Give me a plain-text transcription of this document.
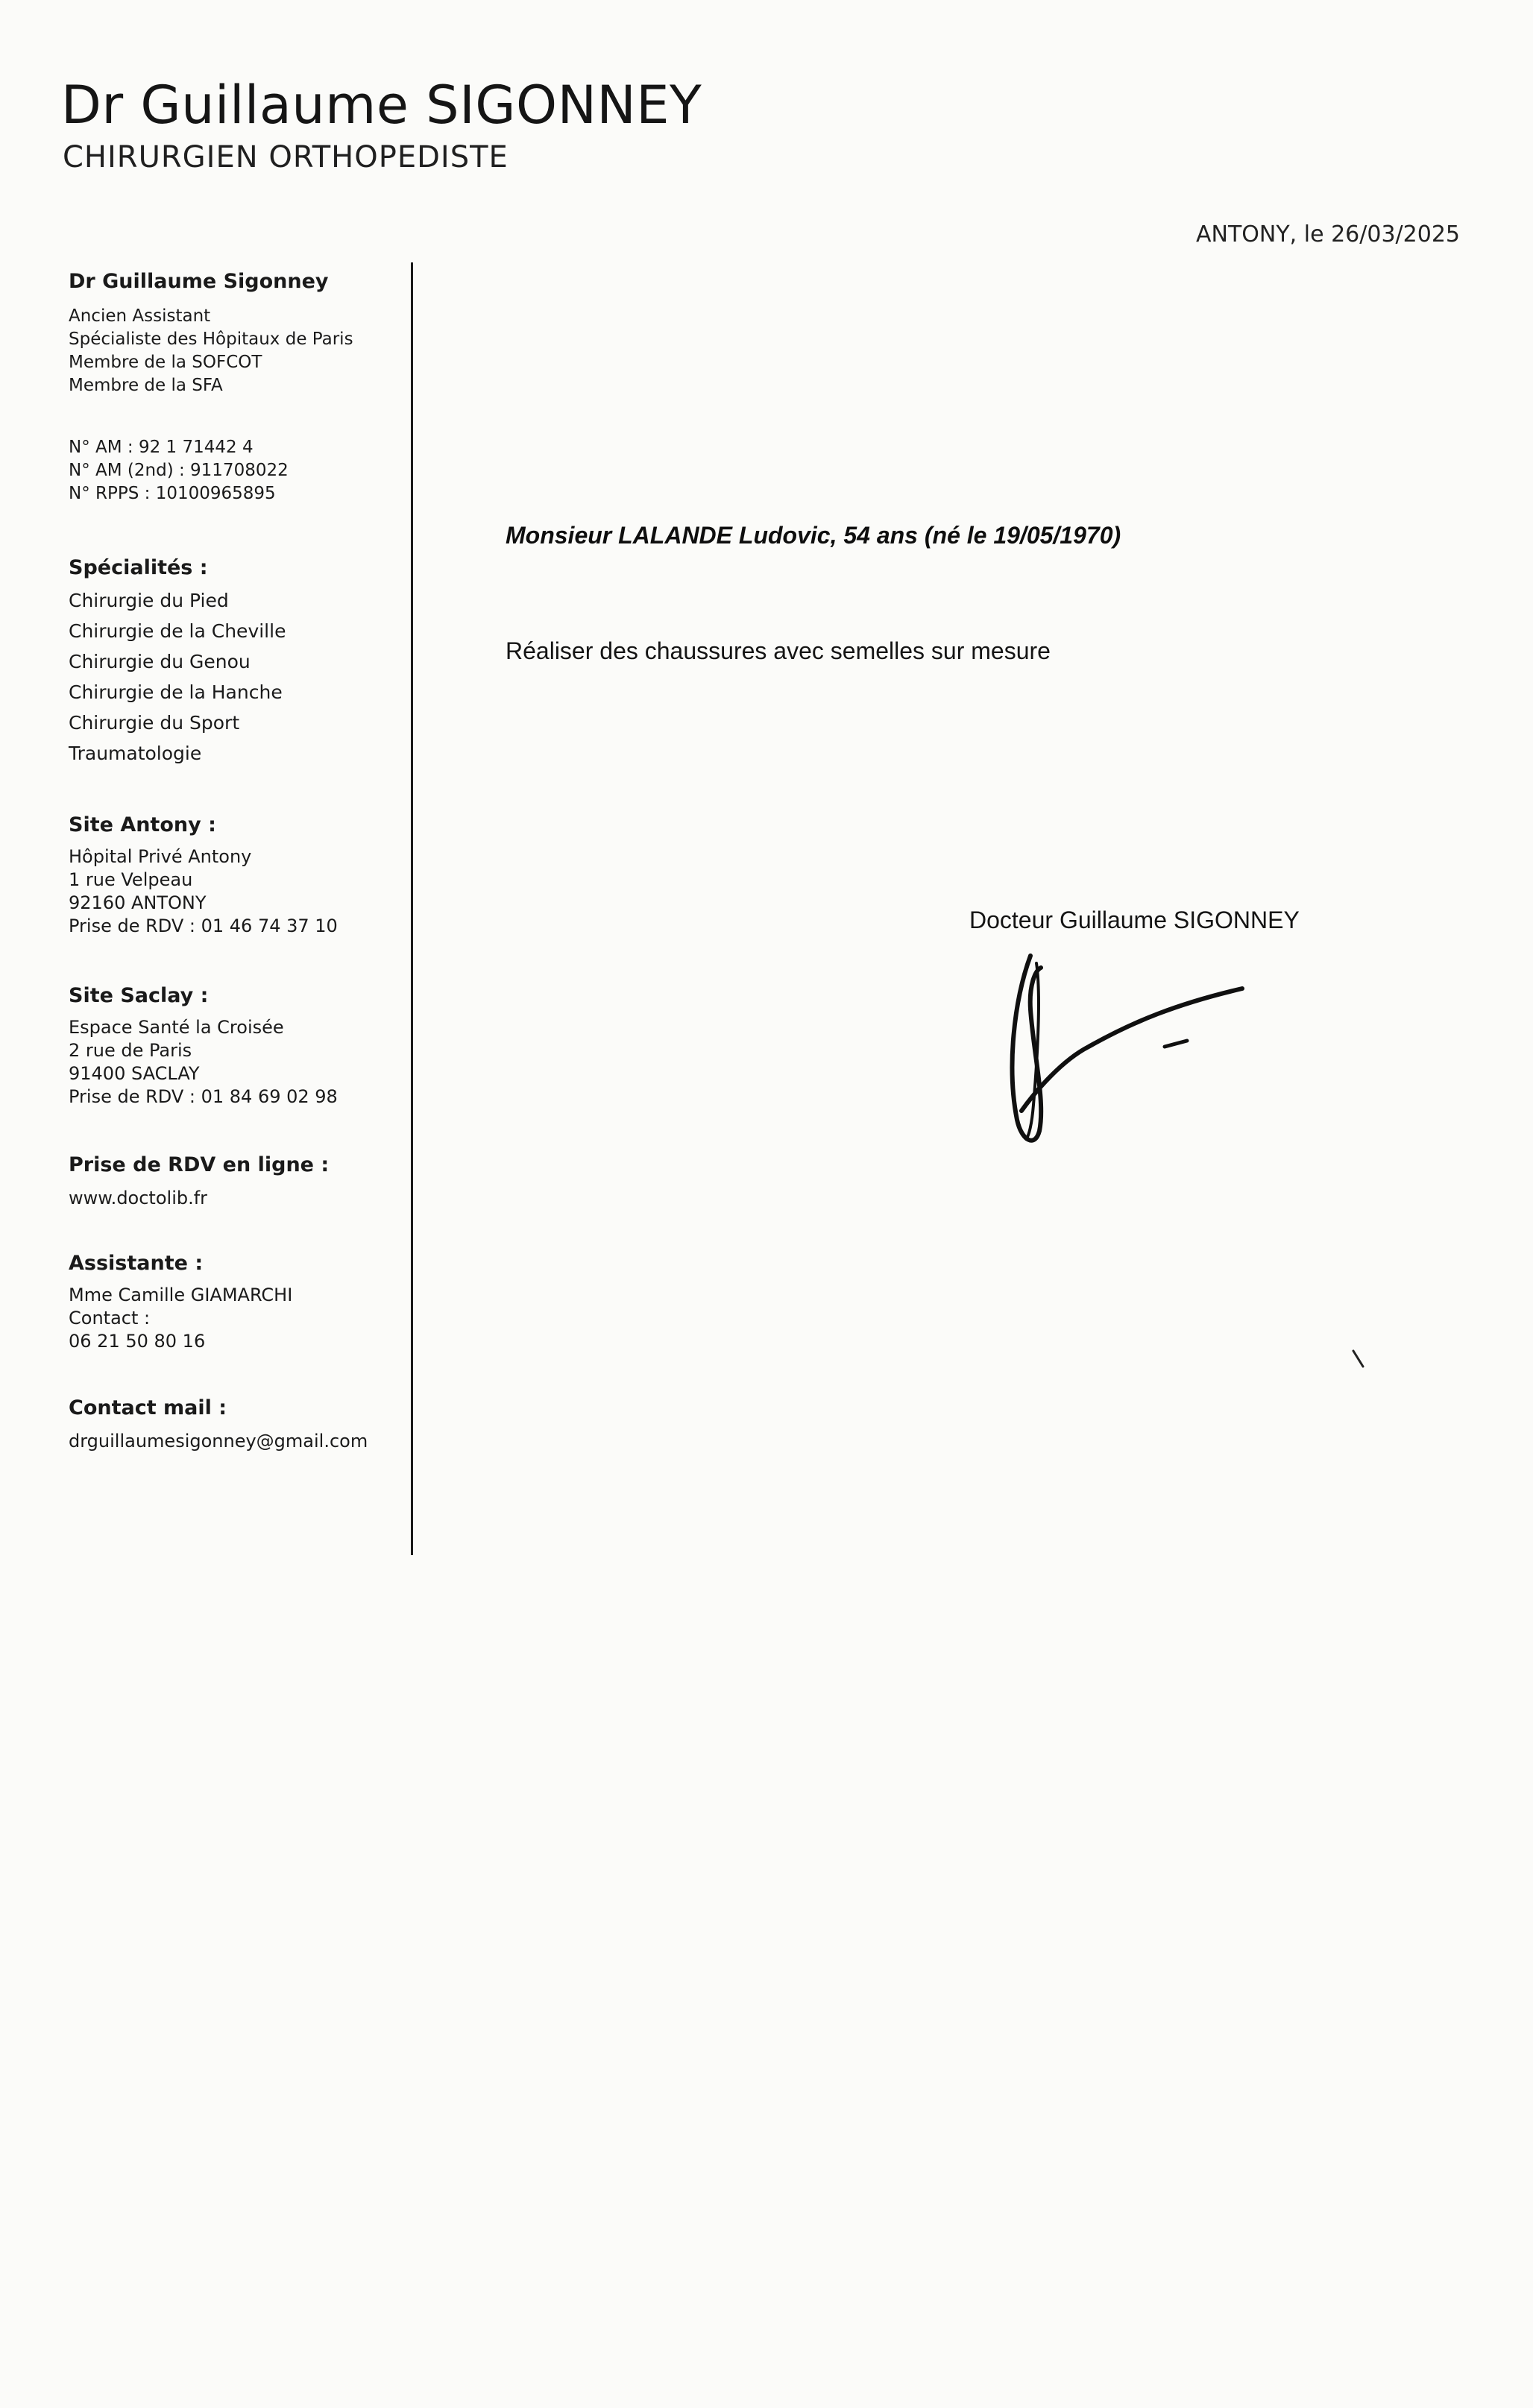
Dr Guillaume SIGONNEY
CHIRURGIEN ORTHOPEDISTE
ANTONY, le 26/03/2025

Dr Guillaume Sigonney

Ancien Assistant

Spécialiste des Hôpitaux de Paris

Membre de la SOFCOT

Membre de la SFA

N° AM : 92 1 71442 4

N° AM (2nd) : 911708022

N° RPPS : 10100965895

Spécialités :

Chirurgie du Pied

Chirurgie de la Cheville

Chirurgie du Genou

Chirurgie de la Hanche

Chirurgie du Sport

Traumatologie

Site Antony :

Hôpital Privé Antony

1 rue Velpeau

92160 ANTONY

Prise de RDV : 01 46 74 37 10

Site Saclay :

Espace Santé la Croisée

2 rue de Paris

91400 SACLAY

Prise de RDV : 01 84 69 02 98

Prise de RDV en ligne :

www.doctolib.fr

Assistante :

Mme Camille GIAMARCHI

Contact :

06 21 50 80 16

Contact mail :

drguillaumesigonney@gmail.com

Monsieur LALANDE Ludovic, 54 ans (né le 19/05/1970)
Réaliser des chaussures avec semelles sur mesure
Docteur Guillaume SIGONNEY
